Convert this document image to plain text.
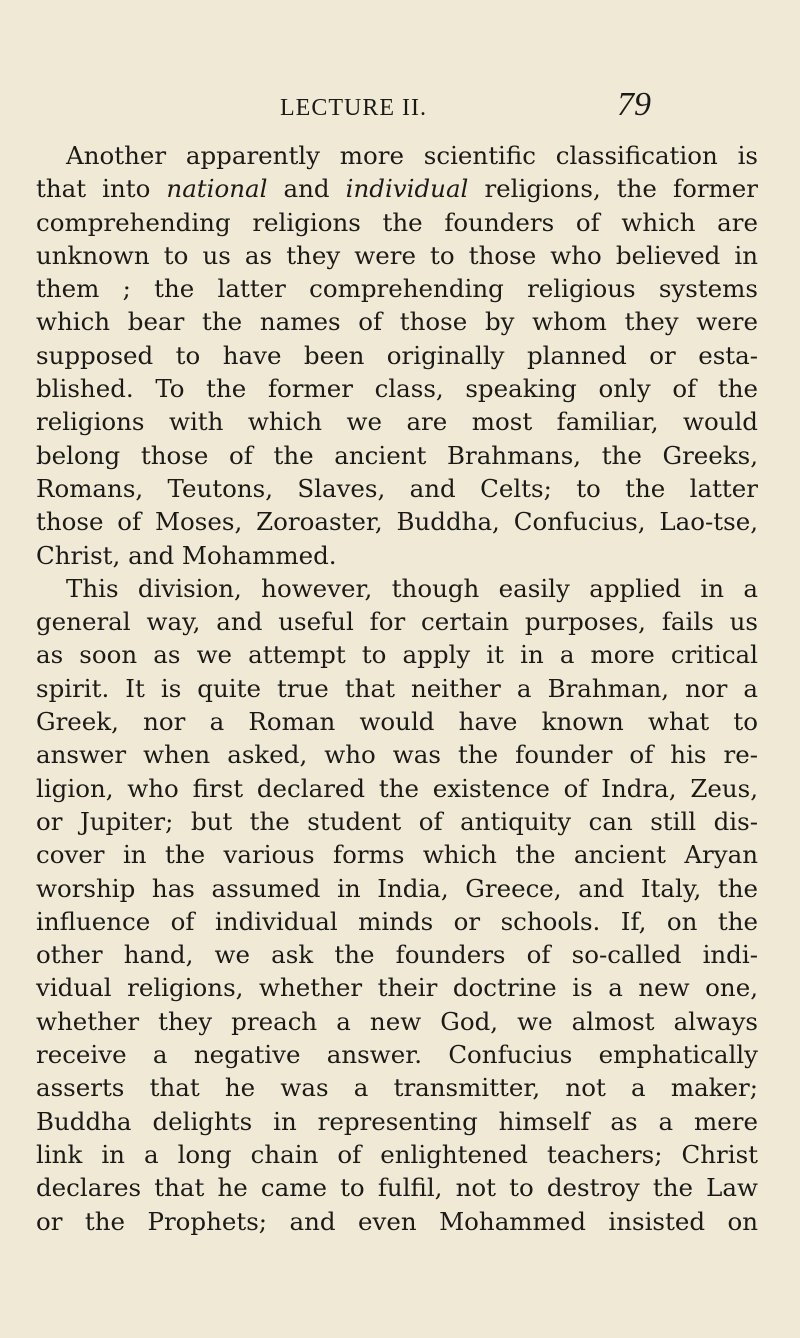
LECTURE II.	79
Another apparently more scientific classification is
that into national and individual religions, the former
comprehending religions the founders of which are
unknown to us as they were to those who believed in
them ; the latter comprehending religious systems
which bear the names of those by whom they were
supposed to have been originally planned or esta-
blished. To the former class, speaking only of the
religions with which we are most familiar, would
belong those of the ancient Brahmans, the Greeks,
Romans, Teutons, Slaves, and Celts; to the latter
those of Moses, Zoroaster, Buddha, Confucius, Lao-tse,
Christ, and Mohammed.
This division, however, though easily applied in a
general way, and useful for certain purposes, fails us
as soon as we attempt to apply it in a more critical
spirit. It is quite true that neither a Brahman, nor a
Greek, nor a Roman would have known what to
answer when asked, who was the founder of his re-
ligion, who first declared the existence of Indra, Zeus,
or Jupiter; but the student of antiquity can still dis-
cover in the various forms which the ancient Aryan
worship has assumed in India, Greece, and Italy, the
influence of individual minds or schools. If, on the
other hand, we ask the founders of so-called indi-
vidual religions, whether their doctrine is a new one,
whether they preach a new God, we almost always
receive a negative answer. Confucius emphatically
asserts that he was a transmitter, not a maker;
Buddha delights in representing himself as a mere
link in a long chain of enlightened teachers; Christ
declares that he came to fulfil, not to destroy the Law
or the Prophets; and even Mohammed insisted on
